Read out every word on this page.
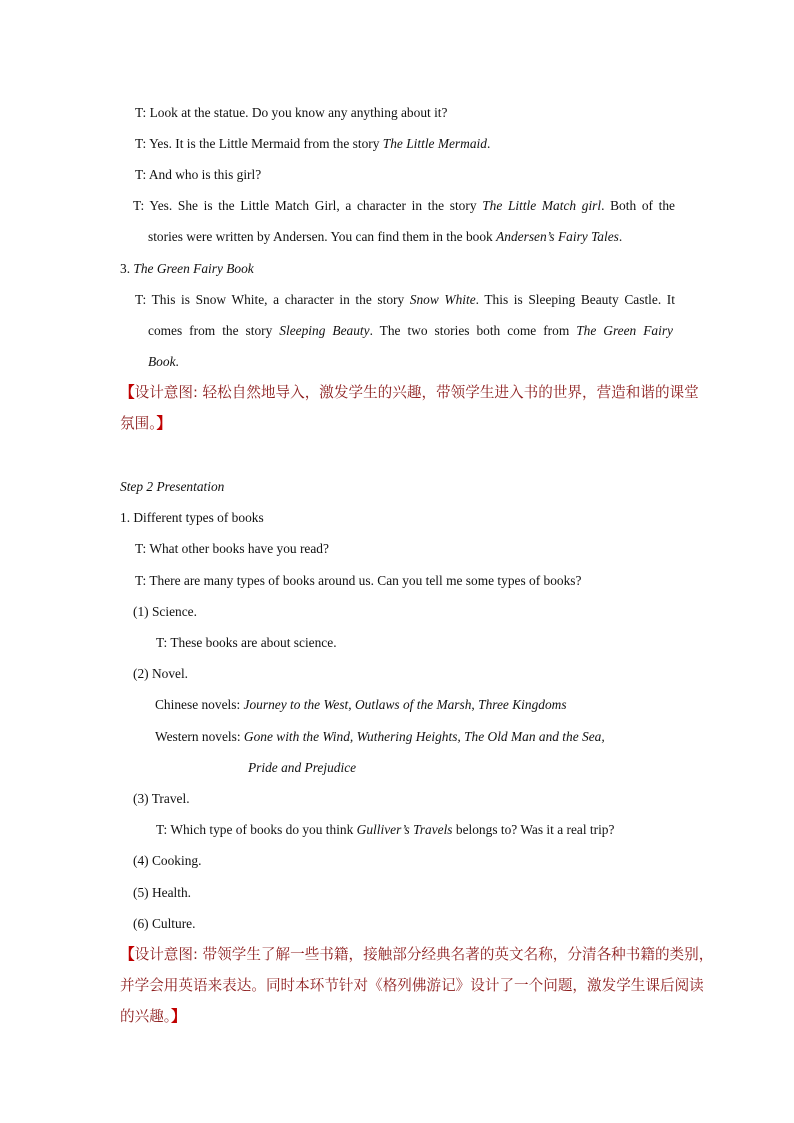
T: Look at the statue. Do you know any anything about it?
T: Yes. It is the Little Mermaid from the story The Little Mermaid.
T: And who is this girl?
T: Yes. She is the Little Match Girl, a character in the story The Little Match girl. Both of the
stories were written by Andersen. You can find them in the book Andersen’s Fairy Tales.
3. The Green Fairy Book
T: This is Snow White, a character in the story Snow White. This is Sleeping Beauty Castle. It
comes from the story Sleeping Beauty. The two stories both come from The Green Fairy
Book.
【设计意图: 轻松自然地导入，激发学生的兴趣，带领学生进入书的世界，营造和谐的课堂
氛围。】
Step 2 Presentation
1. Different types of books
T: What other books have you read?
T: There are many types of books around us. Can you tell me some types of books?
(1) Science.
T: These books are about science.
(2) Novel.
Chinese novels: Journey to the West, Outlaws of the Marsh, Three Kingdoms
Western novels: Gone with the Wind, Wuthering Heights, The Old Man and the Sea,
Pride and Prejudice
(3) Travel.
T: Which type of books do you think Gulliver’s Travels belongs to? Was it a real trip?
(4) Cooking.
(5) Health.
(6) Culture.
【设计意图: 带领学生了解一些书籍，接触部分经典名著的英文名称，分清各种书籍的类别，
并学会用英语来表达。同时本环节针对《格列佛游记》设计了一个问题，激发学生课后阅读
的兴趣。】
